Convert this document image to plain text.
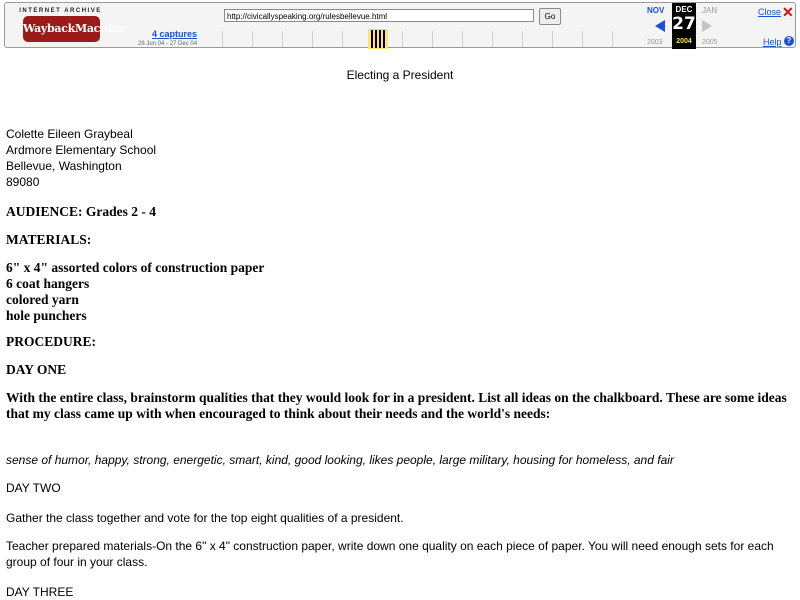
INTERNET ARCHIVE
WaybackMachine	4 captures
26 Jun 04 - 27 Dec 04
http://civicallyspeaking.org/rulesbellevue.html	Go
NOV	DEC
27
2004
JAN
2003	2005
Close ✕
Help ?
Electing a President
Colette Eileen Graybeal
Ardmore Elementary School
Bellevue, Washington
89080
AUDIENCE: Grades 2 - 4
MATERIALS:
6" x 4" assorted colors of construction paper
6 coat hangers
colored yarn
hole punchers
PROCEDURE:
DAY ONE
With the entire class, brainstorm qualities that they would look for in a president. List all ideas on the chalkboard. These are some ideas that my class came up with when encouraged to think about their needs and the world's needs:
sense of humor, happy, strong, energetic, smart, kind, good looking, likes people, large military, housing for homeless, and fair
DAY TWO
Gather the class together and vote for the top eight qualities of a president.
Teacher prepared materials-On the 6" x 4" construction paper, write down one quality on each piece of paper. You will need enough sets for each group of four in your class.
DAY THREE
